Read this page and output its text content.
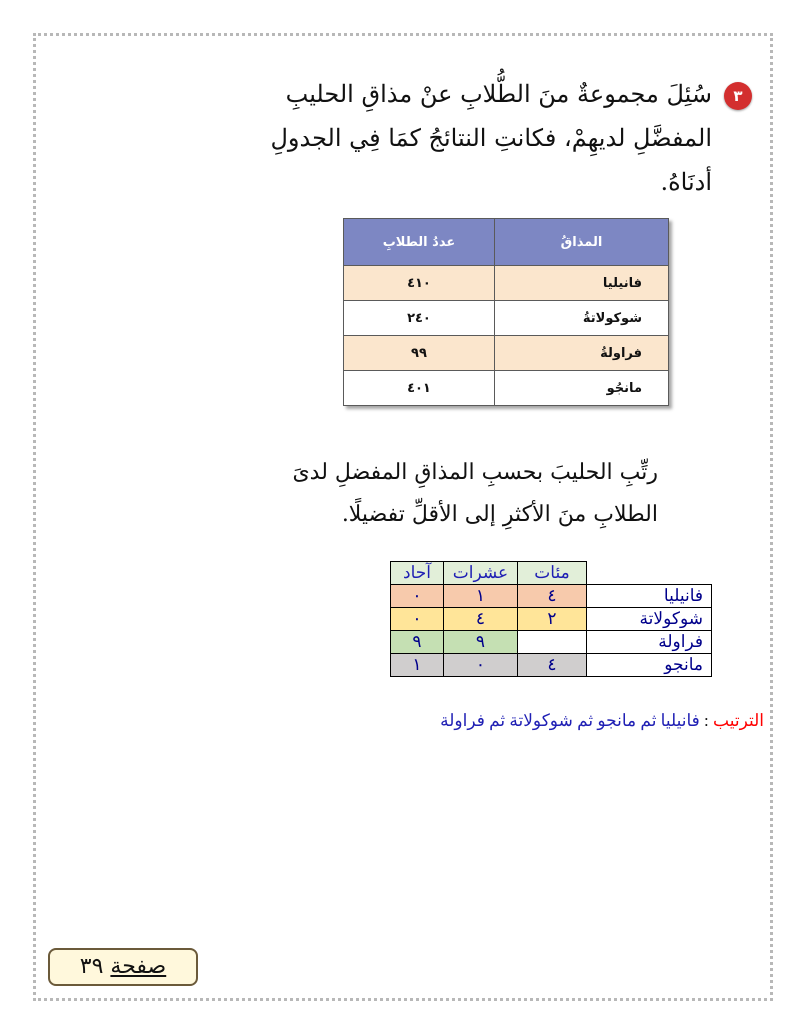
٣
سُئِلَ مجموعةٌ منَ الطُّلابِ عنْ مذاقِ الحليبِ
المفضَّلِ لديهِمْ، فكانتِ النتائجُ كمَا فِي الجدولِ
أدنَاهُ.
المذاقُ	عددُ الطلابِ
فانيليا	٤١٠
شوكولاتةُ	٢٤٠
فراولةُ	٩٩
مانجُو	٤٠١
رتِّبِ الحليبَ بحسبِ المذاقِ المفضلِ لدىَ
الطلابِ منَ الأكثرِ إلى الأقلِّ تفضيلًا.
	مئات	عشرات	آحاد
فانيليا	٤	١	٠
شوكولاتة	٢	٤	٠
فراولة		٩	٩
مانجو	٤	٠	١
الترتيب : فانيليا ثم مانجو ثم شوكولاتة ثم فراولة
صفحة ٣٩
